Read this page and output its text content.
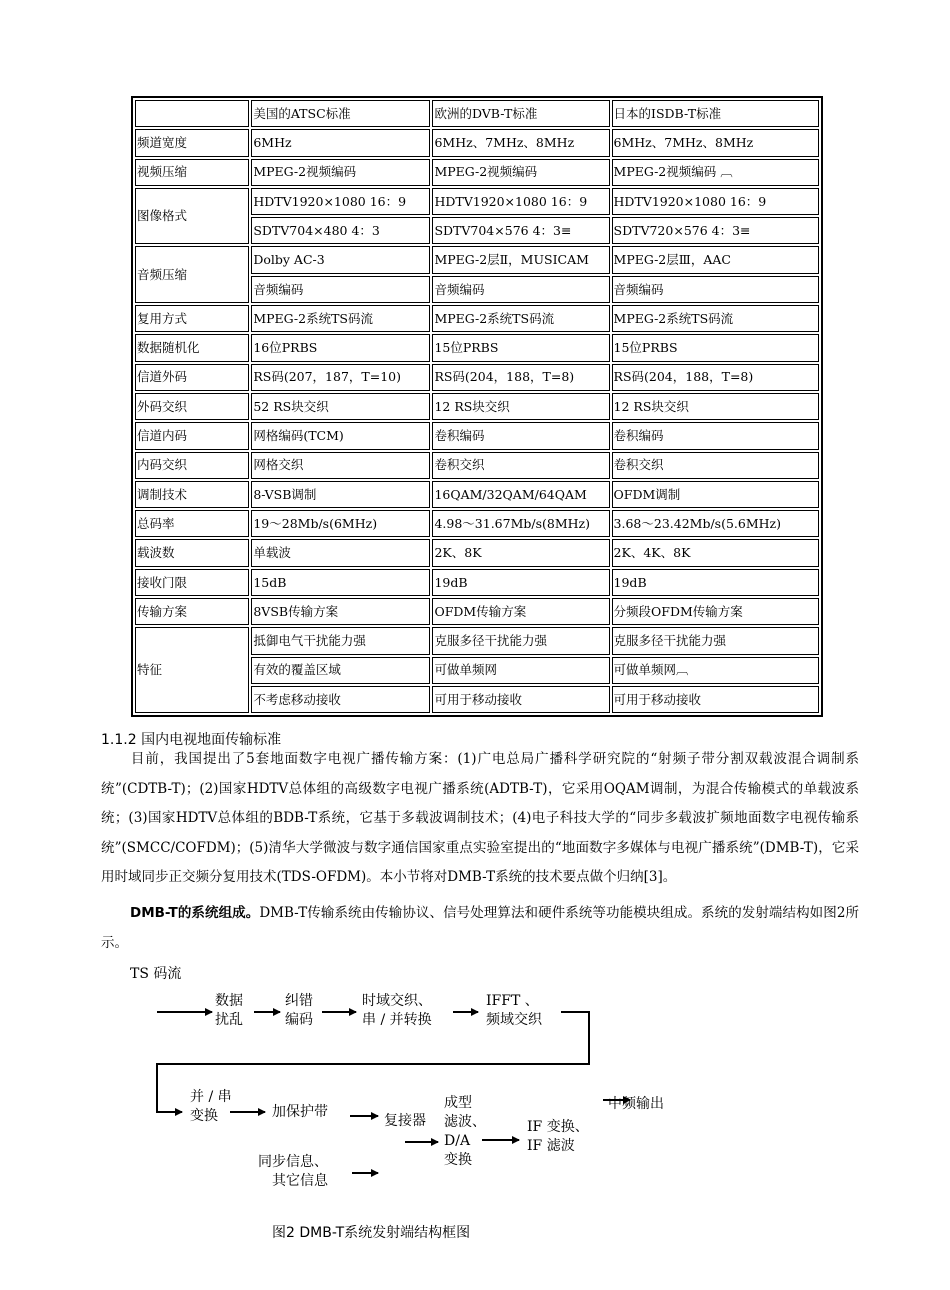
	美国的ATSC标准	欧洲的DVB-T标准	日本的ISDB-T标准
频道宽度	6MHz	6MHz、7MHz、8MHz	6MHz、7MHz、8MHz
视频压缩	MPEG-2视频编码	MPEG-2视频编码	MPEG-2视频编码 ︹
图像格式	HDTV1920×1080 16：9	HDTV1920×1080 16：9	HDTV1920×1080 16：9
	SDTV704×480 4：3	SDTV704×576 4：3≡	SDTV720×576 4：3≡
音频压缩	Dolby AC-3	MPEG-2层Ⅱ，MUSICAM	MPEG-2层Ⅲ，AAC
	音频编码	音频编码	音频编码
复用方式	MPEG-2系统TS码流	MPEG-2系统TS码流	MPEG-2系统TS码流
数据随机化	16位PRBS	15位PRBS	15位PRBS
信道外码	RS码(207，187，T=10)	RS码(204，188，T=8)	RS码(204，188，T=8)
外码交织	52 RS块交织	12 RS块交织	12 RS块交织
信道内码	网格编码(TCM)	卷积编码	卷积编码
内码交织	网格交织	卷积交织	卷积交织
调制技术	8-VSB调制	16QAM/32QAM/64QAM	OFDM调制
总码率	19～28Mb/s(6MHz)	4.98～31.67Mb/s(8MHz)	3.68～23.42Mb/s(5.6MHz)
载波数	单载波	2K、8K	2K、4K、8K
接收门限	15dB	19dB	19dB
传输方案	8VSB传输方案	OFDM传输方案	分频段OFDM传输方案
特征	抵御电气干扰能力强	克服多径干扰能力强	克服多径干扰能力强
	有效的覆盖区域	可做单频网	可做单频网︹
	不考虑移动接收	可用于移动接收	可用于移动接收
1.1.2 国内电视地面传输标准

目前，我国提出了5套地面数字电视广播传输方案：(1)广电总局广播科学研究院的“射频子带分割双载波混合调制系统”(CDTB-T)；(2)国家HDTV总体组的高级数字电视广播系统(ADTB-T)，它采用OQAM调制，为混合传输模式的单载波系统；(3)国家HDTV总体组的BDB-T系统，它基于多载波调制技术；(4)电子科技大学的“同步多载波扩频地面数字电视传输系统”(SMCC/COFDM)；(5)清华大学微波与数字通信国家重点实验室提出的“地面数字多媒体与电视广播系统”(DMB-T)，它采用时域同步正交频分复用技术(TDS-OFDM)。本小节将对DMB-T系统的技术要点做个归纳[3]。

DMB-T的系统组成。DMB-T传输系统由传输协议、信号处理算法和硬件系统等功能模块组成。系统的发射端结构如图2所示。

TS 码流
数据
扰乱
纠错
编码
时域交织、
串 / 并转换
IFFT 、
频域交织
并 / 串
变换	加保护带
复接器
成型
滤波、
D/A
变换
IF 变换、
IF 滤波
中频输出
同步信息、
其它信息
图2 DMB-T系统发射端结构框图
